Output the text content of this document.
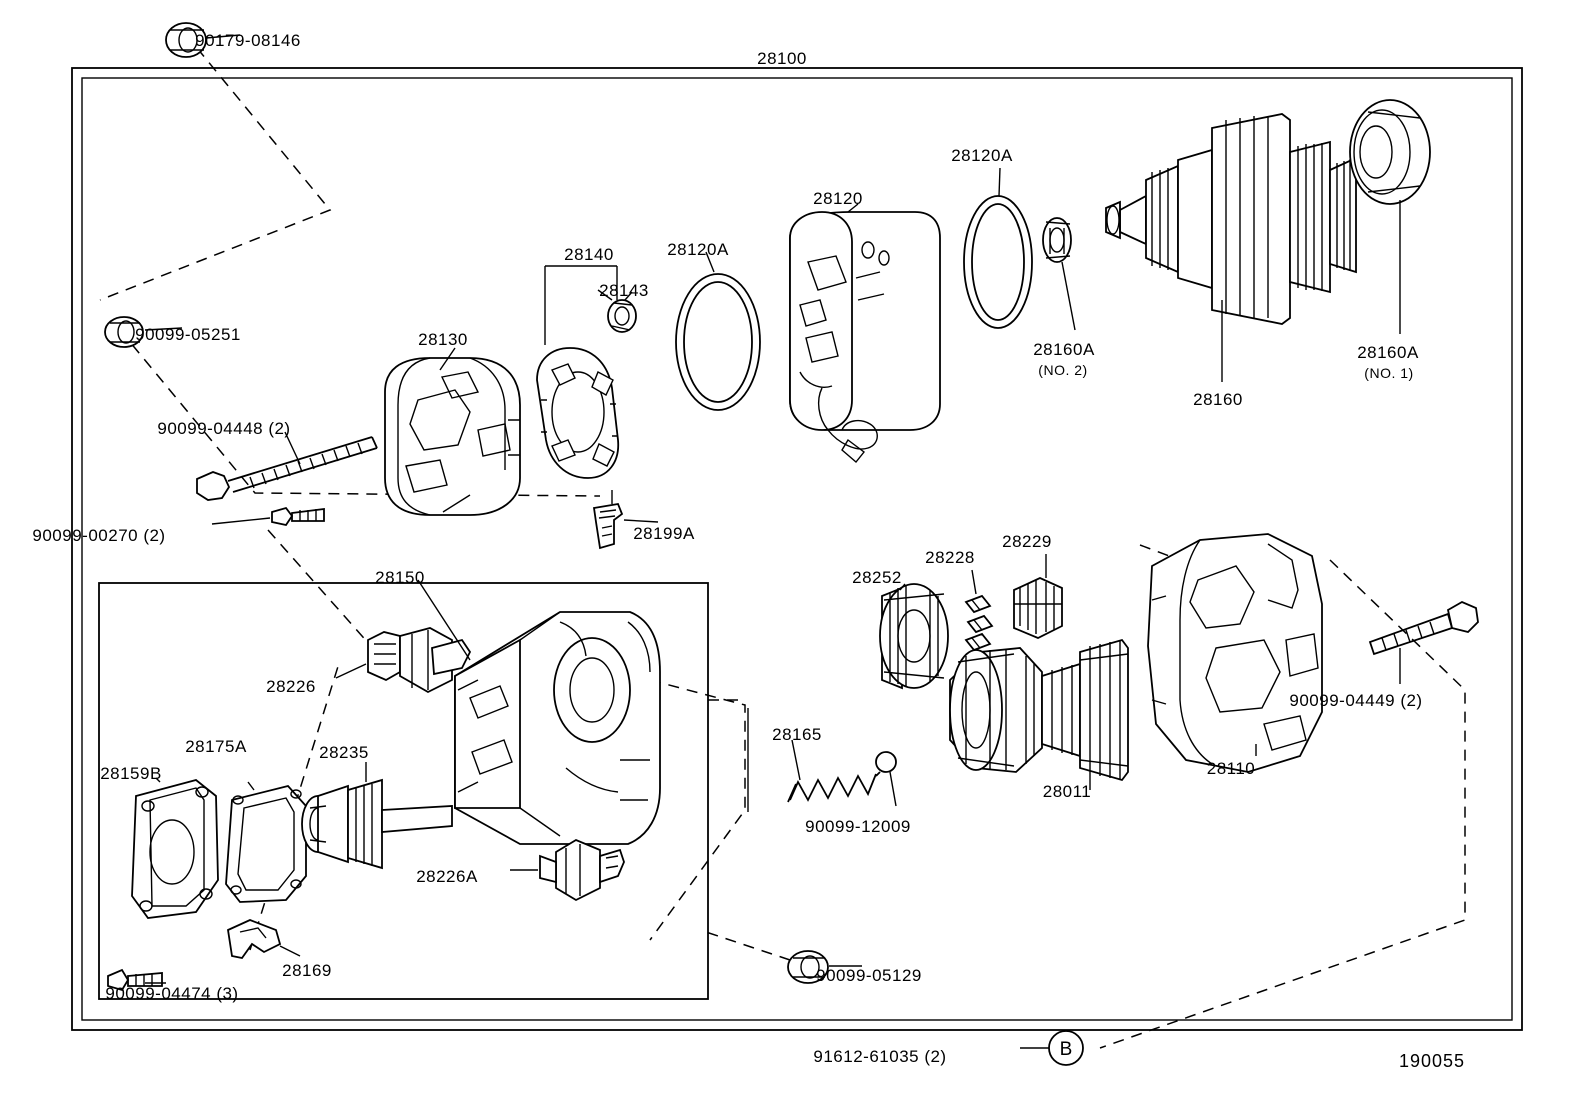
B
90179-08146
28100
28120A
28120
28140	28120A
28143
90099-05251	28130
28160A
(NO. 2)
28160A
(NO. 1)
28160
90099-04448 (2)
90099-00270 (2)	28199A	28229
28228
28150	28252
28226
90099-04449 (2)
28165
28175A	28235
28110
28159B
28011
90099-12009
28226A
28169	90099-05129
90099-04474 (3)
91612-61035 (2)	190055
